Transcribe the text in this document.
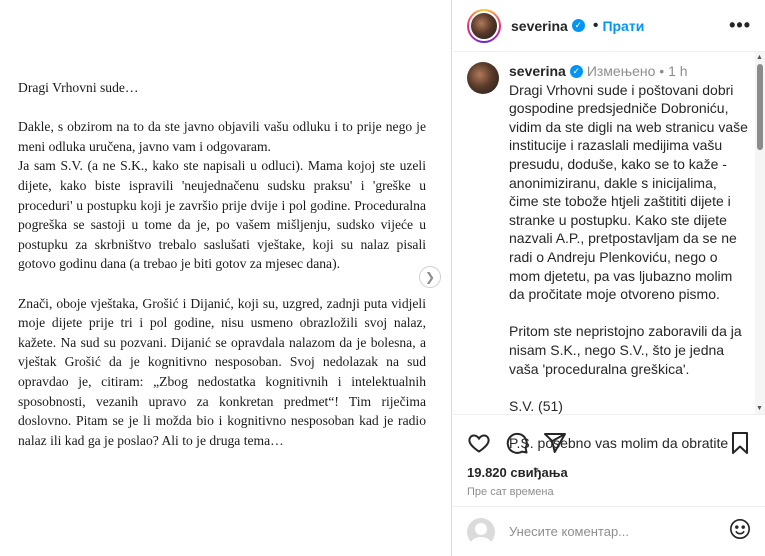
Dragi Vrhovni sude…

Dakle, s obzirom na to da ste javno objavili vašu odluku i to prije nego je meni odluka uručena, javno vam i odgovaram.

Ja sam S.V. (a ne S.K., kako ste napisali u odluci). Mama kojoj ste uzeli dijete, kako biste ispravili 'neujednačenu sudsku praksu' i 'greške u proceduri' u postupku koji je završio prije dvije i pol godine. Proceduralna pogreška se sastoji u tome da je, po vašem mišljenju, sudsko vijeće u postupku za skrbništvo trebalo saslušati vještake, koji su nalaz pisali gotovo godinu dana (a trebao je biti gotov za mjesec dana).

Znači, oboje vještaka, Grošić i Dijanić, koji su, uzgred, zadnji puta vidjeli moje dijete prije tri i pol godine, nisu usmeno obrazložili svoj nalaz, kažete. Na sud su pozvani. Dijanić se opravdala nalazom da je bolesna, a vještak Grošić da je kognitivno nesposoban. Svoj nedolazak na sud opravdao je, citiram: „Zbog nedostatka kognitivnih i intelektualnih sposobnosti, vezanih upravo za konkretan predmet“! Tim riječima doslovno. Pitam se je li možda bio i kognitivno nesposoban kad je radio nalaz ili kad ga je poslao? Ali to je druga tema…

❯
severina ✓ • Прати	•••
severina ✓ Измењено • 1 h
Dragi Vrhovni sude i poštovani dobri gospodine predsjedniče Dobroniću, vidim da ste digli na web stranicu vaše institucije i razaslali medijima vašu presudu, doduše, kako se to kaže - anonimiziranu, dakle s inicijalima, čime ste tobože htjeli zaštititi dijete i stranke u postupku. Kako ste dijete nazvali A.P., pretpostavljam da se ne radi o Andreju Plenkoviću, nego o mom djetetu, pa vas ljubazno molim da pročitate moje otvoreno pismo.

Pritom ste nepristojno zaboravili da ja nisam S.K., nego S.V., što je jedna vaša 'proceduralna greškica'.

S.V. (51)

P.S. posebno vas molim da obratite
▲
▼
19.820 свиђања
Пре сат времена
Унесите коментар...
